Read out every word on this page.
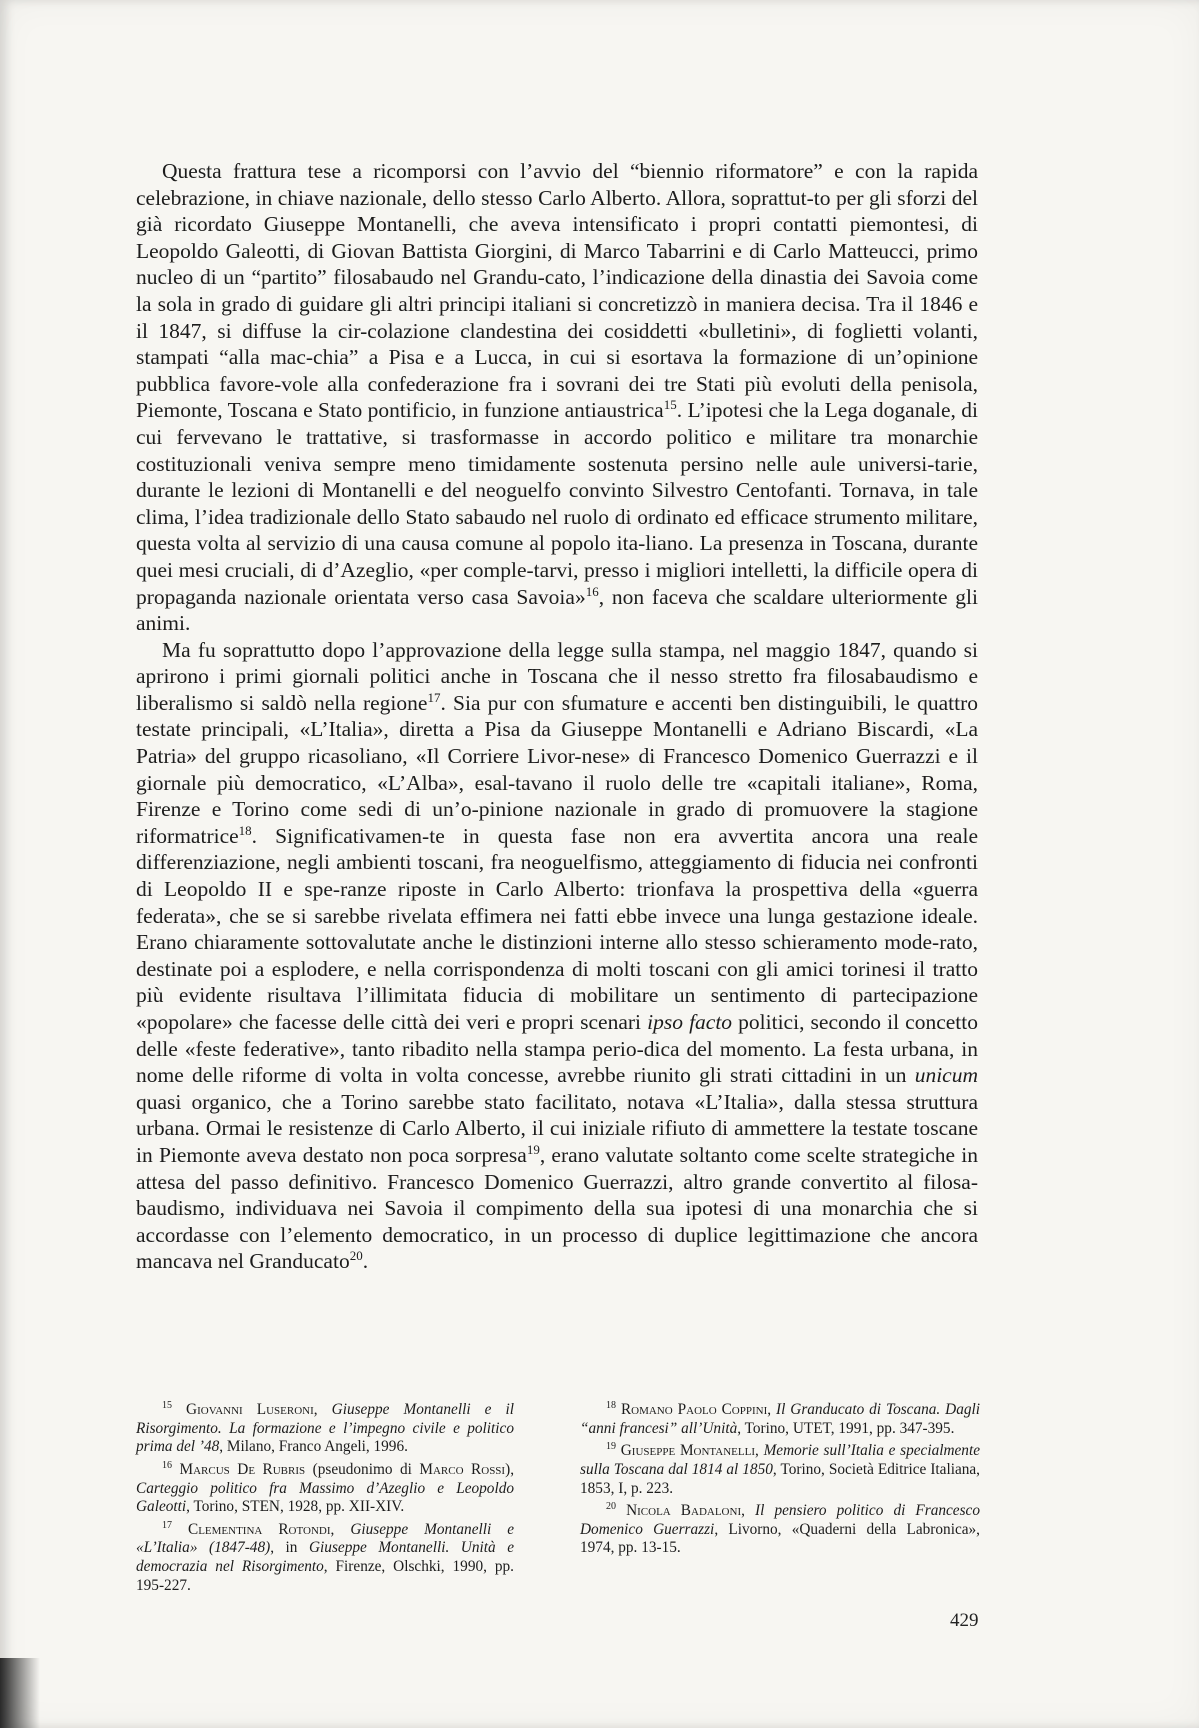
Questa frattura tese a ricomporsi con l’avvio del “biennio riformatore” e con la rapida celebrazione, in chiave nazionale, dello stesso Carlo Alberto. Allora, soprattut-to per gli sforzi del già ricordato Giuseppe Montanelli, che aveva intensificato i propri contatti piemontesi, di Leopoldo Galeotti, di Giovan Battista Giorgini, di Marco Tabarrini e di Carlo Matteucci, primo nucleo di un “partito” filosabaudo nel Grandu-cato, l’indicazione della dinastia dei Savoia come la sola in grado di guidare gli altri principi italiani si concretizzò in maniera decisa. Tra il 1846 e il 1847, si diffuse la cir-colazione clandestina dei cosiddetti «bulletini», di foglietti volanti, stampati “alla mac-chia” a Pisa e a Lucca, in cui si esortava la formazione di un’opinione pubblica favore-vole alla confederazione fra i sovrani dei tre Stati più evoluti della penisola, Piemonte, Toscana e Stato pontificio, in funzione antiaustrica$^{15}$. L’ipotesi che la Lega doganale, di cui fervevano le trattative, si trasformasse in accordo politico e militare tra monarchie costituzionali veniva sempre meno timidamente sostenuta persino nelle aule universi-tarie, durante le lezioni di Montanelli e del neoguelfo convinto Silvestro Centofanti. Tornava, in tale clima, l’idea tradizionale dello Stato sabaudo nel ruolo di ordinato ed efficace strumento militare, questa volta al servizio di una causa comune al popolo ita-liano. La presenza in Toscana, durante quei mesi cruciali, di d’Azeglio, «per comple-tarvi, presso i migliori intelletti, la difficile opera di propaganda nazionale orientata verso casa Savoia»$^{16}$, non faceva che scaldare ulteriormente gli animi.

Ma fu soprattutto dopo l’approvazione della legge sulla stampa, nel maggio 1847, quando si aprirono i primi giornali politici anche in Toscana che il nesso stretto fra filosabaudismo e liberalismo si saldò nella regione$^{17}$. Sia pur con sfumature e accenti ben distinguibili, le quattro testate principali, «L’Italia», diretta a Pisa da Giuseppe Montanelli e Adriano Biscardi, «La Patria» del gruppo ricasoliano, «Il Corriere Livor-nese» di Francesco Domenico Guerrazzi e il giornale più democratico, «L’Alba», esal-tavano il ruolo delle tre «capitali italiane», Roma, Firenze e Torino come sedi di un’o-pinione nazionale in grado di promuovere la stagione riformatrice$^{18}$. Significativamen-te in questa fase non era avvertita ancora una reale differenziazione, negli ambienti toscani, fra neoguelfismo, atteggiamento di fiducia nei confronti di Leopoldo II e spe-ranze riposte in Carlo Alberto: trionfava la prospettiva della «guerra federata», che se si sarebbe rivelata effimera nei fatti ebbe invece una lunga gestazione ideale. Erano chiaramente sottovalutate anche le distinzioni interne allo stesso schieramento mode-rato, destinate poi a esplodere, e nella corrispondenza di molti toscani con gli amici torinesi il tratto più evidente risultava l’illimitata fiducia di mobilitare un sentimento di partecipazione «popolare» che facesse delle città dei veri e propri scenari ipso facto politici, secondo il concetto delle «feste federative», tanto ribadito nella stampa perio-dica del momento. La festa urbana, in nome delle riforme di volta in volta concesse, avrebbe riunito gli strati cittadini in un unicum quasi organico, che a Torino sarebbe stato facilitato, notava «L’Italia», dalla stessa struttura urbana. Ormai le resistenze di Carlo Alberto, il cui iniziale rifiuto di ammettere la testate toscane in Piemonte aveva destato non poca sorpresa$^{19}$, erano valutate soltanto come scelte strategiche in attesa del passo definitivo. Francesco Domenico Guerrazzi, altro grande convertito al filosa-baudismo, individuava nei Savoia il compimento della sua ipotesi di una monarchia che si accordasse con l’elemento democratico, in un processo di duplice legittimazione che ancora mancava nel Granducato$^{20}$.

$^{15}$ Giovanni Luseroni, Giuseppe Montanelli e il Risorgimento. La formazione e l’impegno civile e politico prima del ’48, Milano, Franco Angeli, 1996.

$^{16}$ Marcus De Rubris (pseudonimo di Marco Rossi), Carteggio politico fra Massimo d’Azeglio e Leopoldo Galeotti, Torino, STEN, 1928, pp. XII-XIV.

$^{17}$ Clementina Rotondi, Giuseppe Montanelli e «L’Italia» (1847-48), in Giuseppe Montanelli. Unità e democrazia nel Risorgimento, Firenze, Olschki, 1990, pp. 195-227.

$^{18}$ Romano Paolo Coppini, Il Granducato di Toscana. Dagli “anni francesi” all’Unità, Torino, UTET, 1991, pp. 347-395.

$^{19}$ Giuseppe Montanelli, Memorie sull’Italia e specialmente sulla Toscana dal 1814 al 1850, Torino, Società Editrice Italiana, 1853, I, p. 223.

$^{20}$ Nicola Badaloni, Il pensiero politico di Francesco Domenico Guerrazzi, Livorno, «Quaderni della Labronica», 1974, pp. 13-15.

429
